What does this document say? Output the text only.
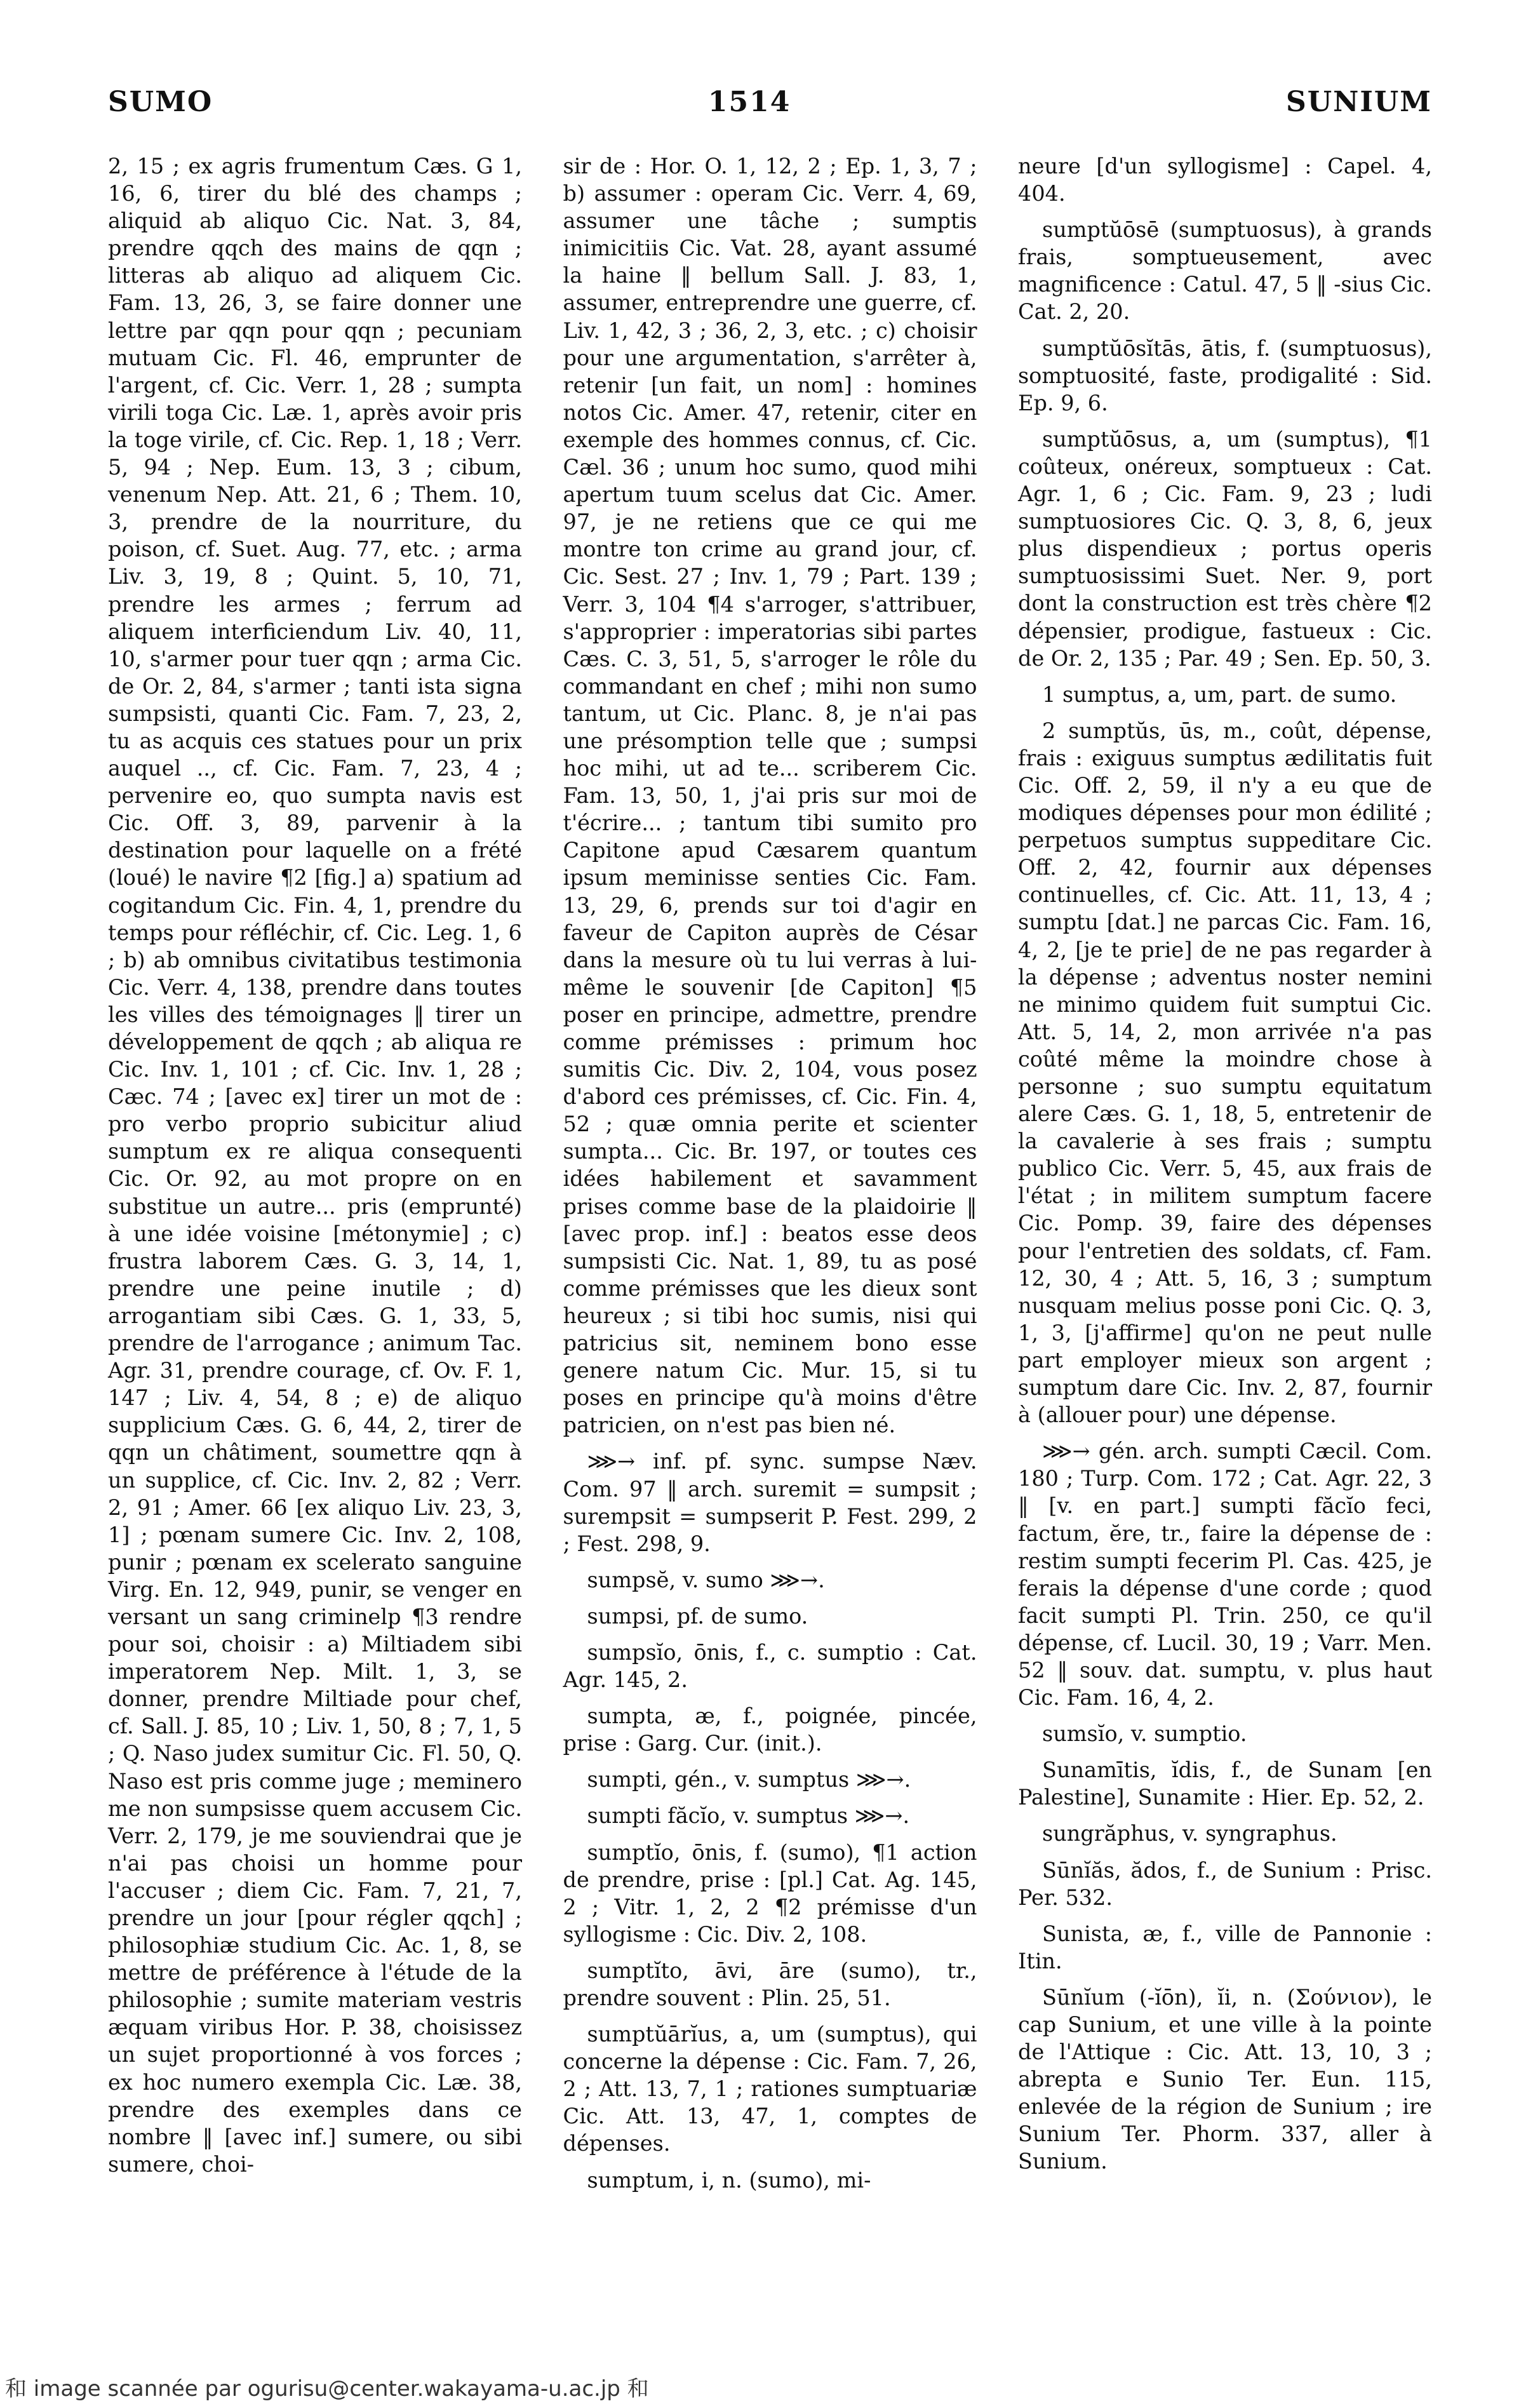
SUMO	1514	SUNIUM

2, 15 ; ex agris frumentum Cæs. G 1, 16, 6, tirer du blé des champs ; aliquid ab aliquo Cic. Nat. 3, 84, prendre qqch des mains de qqn ; litteras ab aliquo ad aliquem Cic. Fam. 13, 26, 3, se faire donner une lettre par qqn pour qqn ; pecuniam mutuam Cic. Fl. 46, emprunter de l'argent, cf. Cic. Verr. 1, 28 ; sumpta virili toga Cic. Læ. 1, après avoir pris la toge virile, cf. Cic. Rep. 1, 18 ; Verr. 5, 94 ; Nep. Eum. 13, 3 ; cibum, venenum Nep. Att. 21, 6 ; Them. 10, 3, prendre de la nourriture, du poison, cf. Suet. Aug. 77, etc. ; arma Liv. 3, 19, 8 ; Quint. 5, 10, 71, prendre les armes ; ferrum ad aliquem interficiendum Liv. 40, 11, 10, s'armer pour tuer qqn ; arma Cic. de Or. 2, 84, s'armer ; tanti ista signa sumpsisti, quanti Cic. Fam. 7, 23, 2, tu as acquis ces statues pour un prix auquel .., cf. Cic. Fam. 7, 23, 4 ; pervenire eo, quo sumpta navis est Cic. Off. 3, 89, parvenir à la destination pour laquelle on a frété (loué) le navire ¶2 [fig.] a) spatium ad cogitandum Cic. Fin. 4, 1, prendre du temps pour réfléchir, cf. Cic. Leg. 1, 6 ; b) ab omnibus civitatibus testimonia Cic. Verr. 4, 138, prendre dans toutes les villes des témoignages ‖ tirer un développement de qqch ; ab aliqua re Cic. Inv. 1, 101 ; cf. Cic. Inv. 1, 28 ; Cæc. 74 ; [avec ex] tirer un mot de : pro verbo proprio subicitur aliud sumptum ex re aliqua consequenti Cic. Or. 92, au mot propre on en substitue un autre... pris (emprunté) à une idée voisine [métonymie] ; c) frustra laborem Cæs. G. 3, 14, 1, prendre une peine inutile ; d) arrogantiam sibi Cæs. G. 1, 33, 5, prendre de l'arrogance ; animum Tac. Agr. 31, prendre courage, cf. Ov. F. 1, 147 ; Liv. 4, 54, 8 ; e) de aliquo supplicium Cæs. G. 6, 44, 2, tirer de qqn un châtiment, soumettre qqn à un supplice, cf. Cic. Inv. 2, 82 ; Verr. 2, 91 ; Amer. 66 [ex aliquo Liv. 23, 3, 1] ; pœnam sumere Cic. Inv. 2, 108, punir ; pœnam ex scelerato sanguine Virg. En. 12, 949, punir, se venger en versant un sang criminelp ¶3 rendre pour soi, choisir : a) Miltiadem sibi imperatorem Nep. Milt. 1, 3, se donner, prendre Miltiade pour chef, cf. Sall. J. 85, 10 ; Liv. 1, 50, 8 ; 7, 1, 5 ; Q. Naso judex sumitur Cic. Fl. 50, Q. Naso est pris comme juge ; meminero me non sumpsisse quem accusem Cic. Verr. 2, 179, je me souviendrai que je n'ai pas choisi un homme pour l'accuser ; diem Cic. Fam. 7, 21, 7, prendre un jour [pour régler qqch] ; philosophiæ studium Cic. Ac. 1, 8, se mettre de préférence à l'étude de la philosophie ; sumite materiam vestris æquam viribus Hor. P. 38, choisissez un sujet proportionné à vos forces ; ex hoc numero exempla Cic. Læ. 38, prendre des exemples dans ce nombre ‖ [avec inf.] sumere, ou sibi sumere, choi-

sir de : Hor. O. 1, 12, 2 ; Ep. 1, 3, 7 ; b) assumer : operam Cic. Verr. 4, 69, assumer une tâche ; sumptis inimicitiis Cic. Vat. 28, ayant assumé la haine ‖ bellum Sall. J. 83, 1, assumer, entreprendre une guerre, cf. Liv. 1, 42, 3 ; 36, 2, 3, etc. ; c) choisir pour une argumentation, s'arrêter à, retenir [un fait, un nom] : homines notos Cic. Amer. 47, retenir, citer en exemple des hommes connus, cf. Cic. Cæl. 36 ; unum hoc sumo, quod mihi apertum tuum scelus dat Cic. Amer. 97, je ne retiens que ce qui me montre ton crime au grand jour, cf. Cic. Sest. 27 ; Inv. 1, 79 ; Part. 139 ; Verr. 3, 104 ¶4 s'arroger, s'attribuer, s'approprier : imperatorias sibi partes Cæs. C. 3, 51, 5, s'arroger le rôle du commandant en chef ; mihi non sumo tantum, ut Cic. Planc. 8, je n'ai pas une présomption telle que ; sumpsi hoc mihi, ut ad te... scriberem Cic. Fam. 13, 50, 1, j'ai pris sur moi de t'écrire... ; tantum tibi sumito pro Capitone apud Cæsarem quantum ipsum meminisse senties Cic. Fam. 13, 29, 6, prends sur toi d'agir en faveur de Capiton auprès de César dans la mesure où tu lui verras à lui-même le souvenir [de Capiton] ¶5 poser en principe, admettre, prendre comme prémisses : primum hoc sumitis Cic. Div. 2, 104, vous posez d'abord ces prémisses, cf. Cic. Fin. 4, 52 ; quæ omnia perite et scienter sumpta... Cic. Br. 197, or toutes ces idées habilement et savamment prises comme base de la plaidoirie ‖ [avec prop. inf.] : beatos esse deos sumpsisti Cic. Nat. 1, 89, tu as posé comme prémisses que les dieux sont heureux ; si tibi hoc sumis, nisi qui patricius sit, neminem bono esse genere natum Cic. Mur. 15, si tu poses en principe qu'à moins d'être patricien, on n'est pas bien né.

⋙→ inf. pf. sync. sumpse Næv. Com. 97 ‖ arch. suremit = sumpsit ; surempsit = sumpserit P. Fest. 299, 2 ; Fest. 298, 9.

sumpsĕ, v. sumo ⋙→.

sumpsi, pf. de sumo.

sumpsĭo, ōnis, f., c. sumptio : Cat. Agr. 145, 2.

sumpta, æ, f., poignée, pincée, prise : Garg. Cur. (init.).

sumpti, gén., v. sumptus ⋙→.

sumpti făcĭo, v. sumptus ⋙→.

sumptĭo, ōnis, f. (sumo), ¶1 action de prendre, prise : [pl.] Cat. Ag. 145, 2 ; Vitr. 1, 2, 2 ¶2 prémisse d'un syllogisme : Cic. Div. 2, 108.

sumptĭto, āvi, āre (sumo), tr., prendre souvent : Plin. 25, 51.

sumptŭārĭus, a, um (sumptus), qui concerne la dépense : Cic. Fam. 7, 26, 2 ; Att. 13, 7, 1 ; rationes sumptuariæ Cic. Att. 13, 47, 1, comptes de dépenses.

sumptum, i, n. (sumo), mi-

neure [d'un syllogisme] : Capel. 4, 404.

sumptŭōsē (sumptuosus), à grands frais, somptueusement, avec magnificence : Catul. 47, 5 ‖ -sius Cic. Cat. 2, 20.

sumptŭōsĭtās, ātis, f. (sumptuosus), somptuosité, faste, prodigalité : Sid. Ep. 9, 6.

sumptŭōsus, a, um (sumptus), ¶1 coûteux, onéreux, somptueux : Cat. Agr. 1, 6 ; Cic. Fam. 9, 23 ; ludi sumptuosiores Cic. Q. 3, 8, 6, jeux plus dispendieux ; portus operis sumptuosissimi Suet. Ner. 9, port dont la construction est très chère ¶2 dépensier, prodigue, fastueux : Cic. de Or. 2, 135 ; Par. 49 ; Sen. Ep. 50, 3.

1 sumptus, a, um, part. de sumo.

2 sumptŭs, ūs, m., coût, dépense, frais : exiguus sumptus ædilitatis fuit Cic. Off. 2, 59, il n'y a eu que de modiques dépenses pour mon édilité ; perpetuos sumptus suppeditare Cic. Off. 2, 42, fournir aux dépenses continuelles, cf. Cic. Att. 11, 13, 4 ; sumptu [dat.] ne parcas Cic. Fam. 16, 4, 2, [je te prie] de ne pas regarder à la dépense ; adventus noster nemini ne minimo quidem fuit sumptui Cic. Att. 5, 14, 2, mon arrivée n'a pas coûté même la moindre chose à personne ; suo sumptu equitatum alere Cæs. G. 1, 18, 5, entretenir de la cavalerie à ses frais ; sumptu publico Cic. Verr. 5, 45, aux frais de l'état ; in militem sumptum facere Cic. Pomp. 39, faire des dépenses pour l'entretien des soldats, cf. Fam. 12, 30, 4 ; Att. 5, 16, 3 ; sumptum nusquam melius posse poni Cic. Q. 3, 1, 3, [j'affirme] qu'on ne peut nulle part employer mieux son argent ; sumptum dare Cic. Inv. 2, 87, fournir à (allouer pour) une dépense.

⋙→ gén. arch. sumpti Cæcil. Com. 180 ; Turp. Com. 172 ; Cat. Agr. 22, 3 ‖ [v. en part.] sumpti făcĭo feci, factum, ĕre, tr., faire la dépense de : restim sumpti fecerim Pl. Cas. 425, je ferais la dépense d'une corde ; quod facit sumpti Pl. Trin. 250, ce qu'il dépense, cf. Lucil. 30, 19 ; Varr. Men. 52 ‖ souv. dat. sumptu, v. plus haut Cic. Fam. 16, 4, 2.

sumsĭo, v. sumptio.

Sunamītis, ĭdis, f., de Sunam [en Palestine], Sunamite : Hier. Ep. 52, 2.

sungrăphus, v. syngraphus.

Sūnĭăs, ădos, f., de Sunium : Prisc. Per. 532.

Sunista, æ, f., ville de Pannonie : Itin.

Sūnĭum (-ĭōn), ĭi, n. (Σούνιον), le cap Sunium, et une ville à la pointe de l'Attique : Cic. Att. 13, 10, 3 ; abrepta e Sunio Ter. Eun. 115, enlevée de la région de Sunium ; ire Sunium Ter. Phorm. 337, aller à Sunium.

和 image scannée par ogurisu@center.wakayama-u.ac.jp 和
